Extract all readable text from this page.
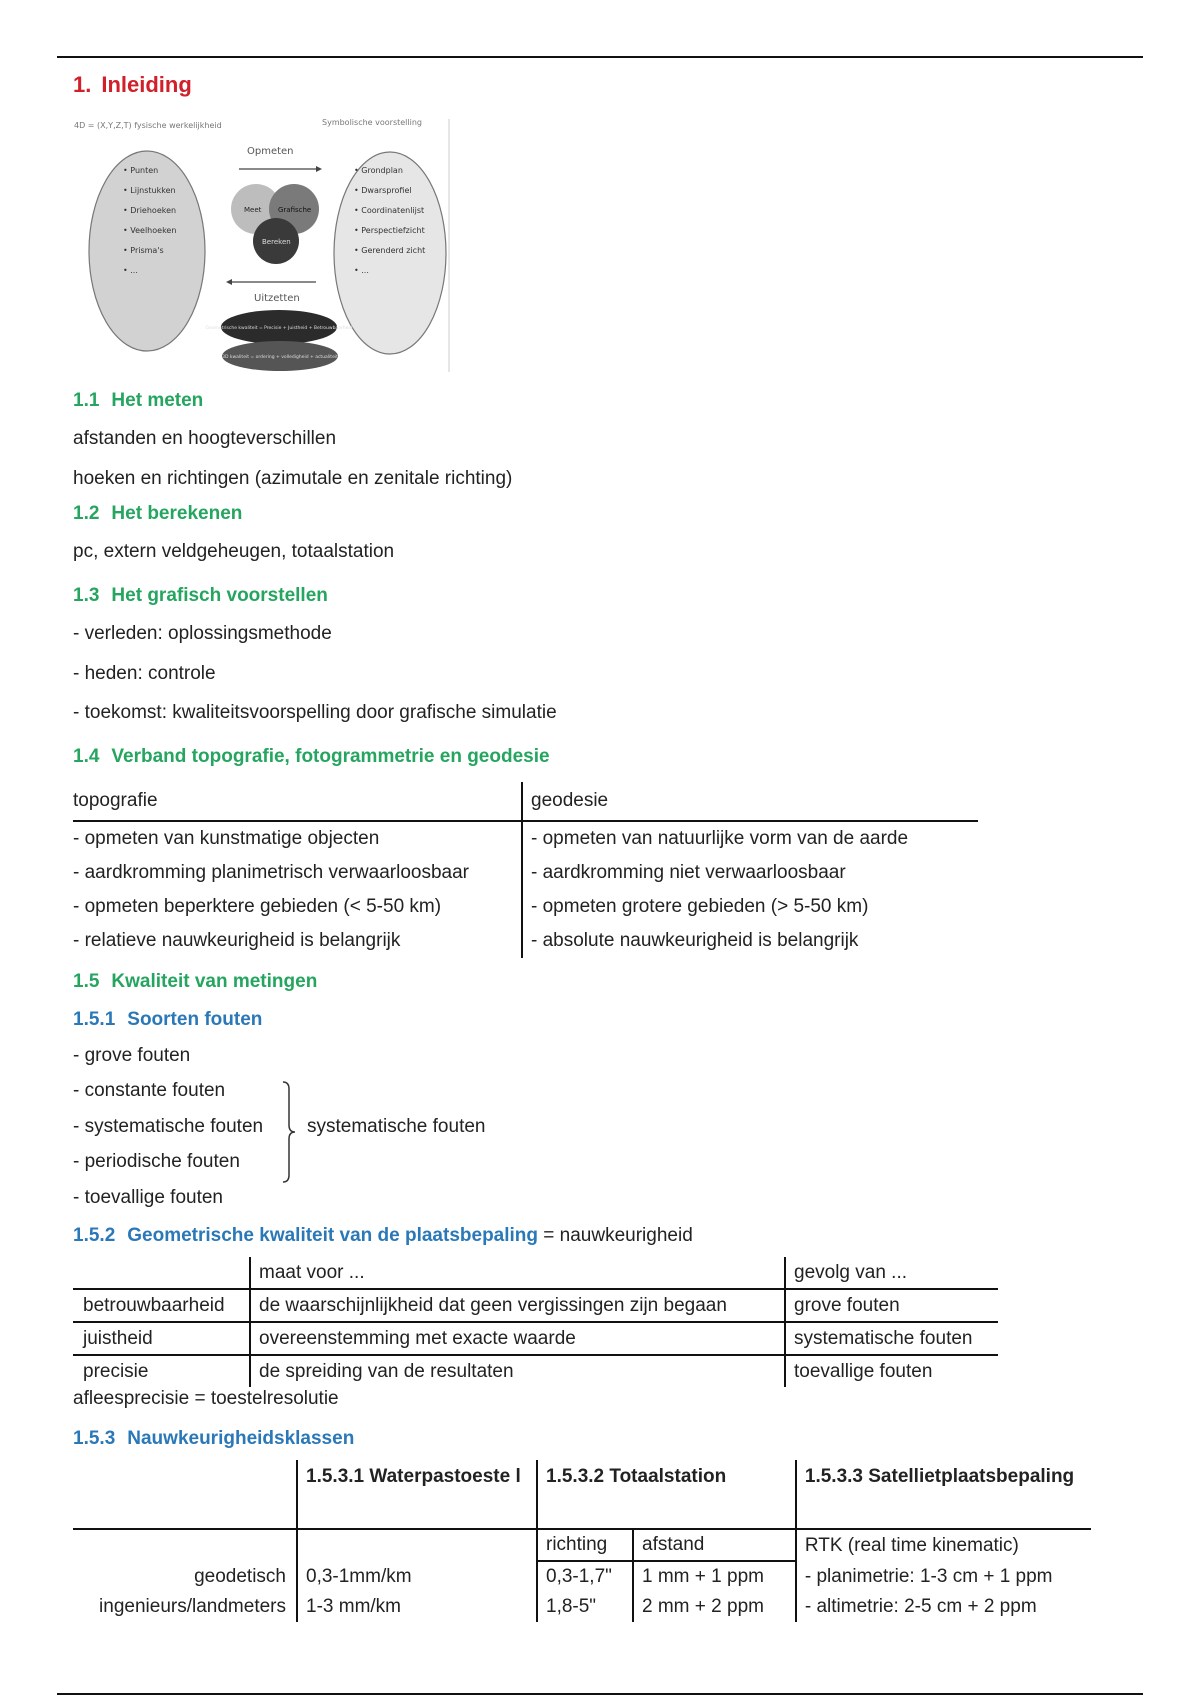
1. Inleiding
4D = (X,Y,Z,T) fysische werkelijkheid	Symbolische voorstelling
• Punten
• Lijnstukken
• Driehoeken
• Veelhoeken
• Prisma's
• ...
• Grondplan
• Dwarsprofiel
• Coordinatenlijst
• Perspectiefzicht
• Gerenderd zicht
• ...
Opmeten
Meet Grafische
Bereken
Uitzetten
Geometrische kwaliteit = Precisie + Juistheid + Betrouwbaarheid
3D kwaliteit = ordering + volledigheid + actualiteit
1.1 Het meten

afstanden en hoogteverschillen

hoeken en richtingen (azimutale en zenitale richting)

1.2 Het berekenen

pc, extern veldgeheugen, totaalstation

1.3 Het grafisch voorstellen

- verleden: oplossingsmethode

- heden: controle

- toekomst: kwaliteitsvoorspelling door grafische simulatie

1.4 Verband topografie, fotogrammetrie en geodesie
topografie	geodesie
- opmeten van kunstmatige objecten	- opmeten van natuurlijke vorm van de aarde
- aardkromming planimetrisch verwaarloosbaar	- aardkromming niet verwaarloosbaar
- opmeten beperktere gebieden (< 5-50 km)	- opmeten grotere gebieden (> 5-50 km)
- relatieve nauwkeurigheid is belangrijk	- absolute nauwkeurigheid is belangrijk
1.5 Kwaliteit van metingen
1.5.1 Soorten fouten

- grove fouten

- constante fouten

- systematische fouten

- periodische fouten

- toevallige fouten

systematische fouten

1.5.2 Geometrische kwaliteit van de plaatsbepaling = nauwkeurigheid
	maat voor ...	gevolg van ...
betrouwbaarheid	de waarschijnlijkheid dat geen vergissingen zijn begaan	grove fouten
juistheid	overeenstemming met exacte waarde	systematische fouten
precisie	de spreiding van de resultaten	toevallige fouten

afleesprecisie = toestelresolutie

1.5.3 Nauwkeurigheidsklassen
	1.5.3.1 Waterpastoeste l	1.5.3.2 Totaalstation		1.5.3.3 Satellietplaatsbepaling
		richting	afstand	RTK (real time kinematic)
geodetisch	0,3-1mm/km	0,3-1,7"	1 mm + 1 ppm	- planimetrie: 1-3 cm + 1 ppm
ingenieurs/landmeters	1-3 mm/km	1,8-5"	2 mm + 2 ppm	- altimetrie: 2-5 cm + 2 ppm
